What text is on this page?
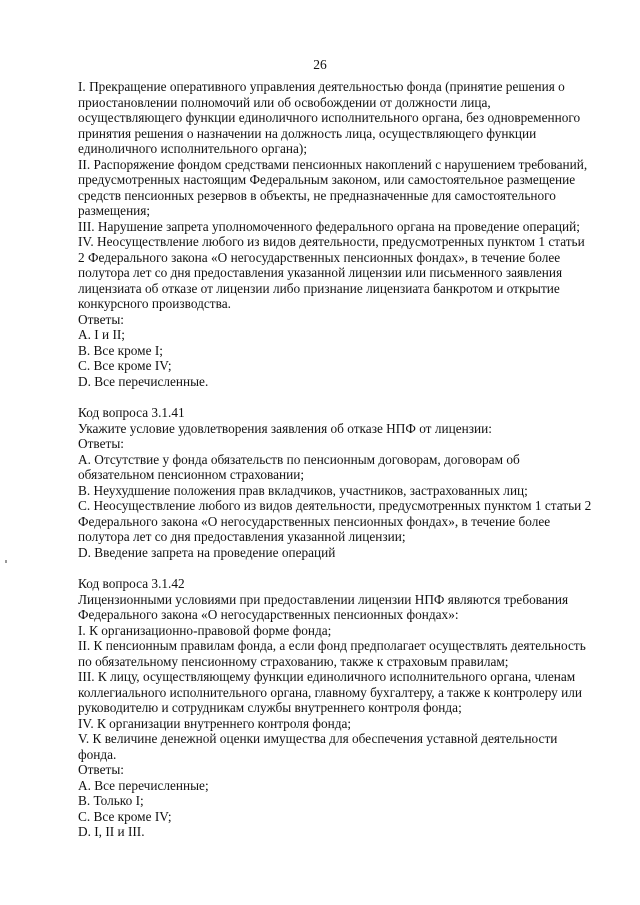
26
I. Прекращение оперативного управления деятельностью фонда (принятие решения о
приостановлении полномочий или об освобождении от должности лица,
осуществляющего функции единоличного исполнительного органа, без одновременного
принятия решения о назначении на должность лица, осуществляющего функции
единоличного исполнительного органа);
II. Распоряжение фондом средствами пенсионных накоплений с нарушением требований,
предусмотренных настоящим Федеральным законом, или самостоятельное размещение
средств пенсионных резервов в объекты, не предназначенные для самостоятельного
размещения;
III. Нарушение запрета уполномоченного федерального органа на проведение операций;
IV. Неосуществление любого из видов деятельности, предусмотренных пунктом 1 статьи
2 Федерального закона «О негосударственных пенсионных фондах», в течение более
полутора лет со дня предоставления указанной лицензии или письменного заявления
лицензиата об отказе от лицензии либо признание лицензиата банкротом и открытие
конкурсного производства.
Ответы:
A. I и II;
B. Все кроме I;
C. Все кроме IV;
D. Все перечисленные.
Код вопроса 3.1.41
Укажите условие удовлетворения заявления об отказе НПФ от лицензии:
Ответы:
A. Отсутствие у фонда обязательств по пенсионным договорам, договорам об
обязательном пенсионном страховании;
B. Неухудшение положения прав вкладчиков, участников, застрахованных лиц;
C. Неосуществление любого из видов деятельности, предусмотренных пунктом 1 статьи 2
Федерального закона «О негосударственных пенсионных фондах», в течение более
полутора лет со дня предоставления указанной лицензии;
D. Введение запрета на проведение операций
Код вопроса 3.1.42
Лицензионными условиями при предоставлении лицензии НПФ являются требования
Федерального закона «О негосударственных пенсионных фондах»:
I. К организационно-правовой форме фонда;
II. К пенсионным правилам фонда, а если фонд предполагает осуществлять деятельность
по обязательному пенсионному страхованию, также к страховым правилам;
III. К лицу, осуществляющему функции единоличного исполнительного органа, членам
коллегиального исполнительного органа, главному бухгалтеру, а также к контролеру или
руководителю и сотрудникам службы внутреннего контроля фонда;
IV. К организации внутреннего контроля фонда;
V. К величине денежной оценки имущества для обеспечения уставной деятельности
фонда.
Ответы:
A. Все перечисленные;
B. Только I;
C. Все кроме IV;
D. I, II и III.
